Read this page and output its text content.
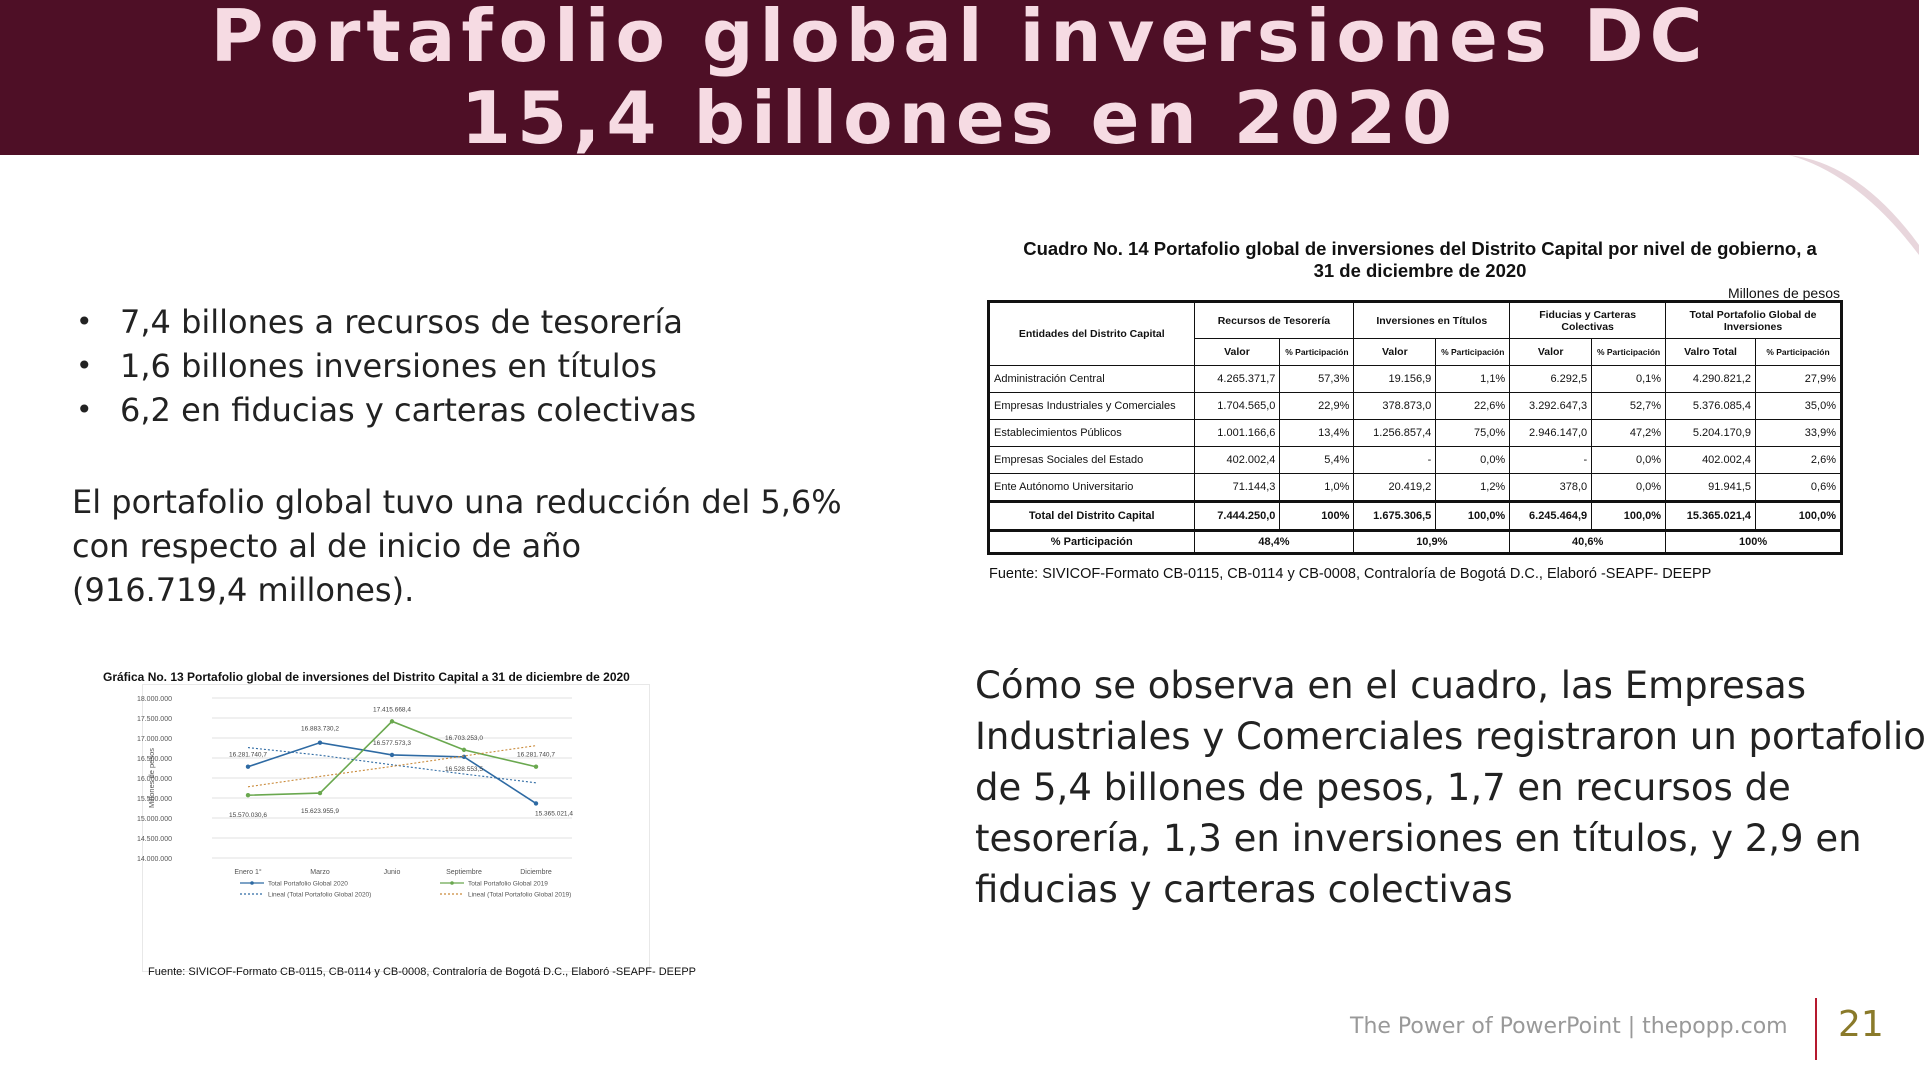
Portafolio global inversiones DC
15,4 billones en 2020
• 7,4 billones a recursos de tesorería
• 1,6 billones inversiones en títulos
• 6,2 en fiducias y carteras colectivas
El portafolio global tuvo una reducción del 5,6%
con respecto al de inicio de año
(916.719,4 millones).
Cuadro No. 14 Portafolio global de inversiones del Distrito Capital por nivel de gobierno, a
31 de diciembre de 2020
Millones de pesos
Entidades del Distrito Capital	Recursos de Tesorería		Inversiones en Títulos		Fiducias y Carteras Colectivas		Total Portafolio Global de Inversiones	
	Valor	% Participación	Valor	% Participación	Valor	% Participación	Valro Total	% Participación
Administración Central	4.265.371,7	57,3%	19.156,9	1,1%	6.292,5	0,1%	4.290.821,2	27,9%
Empresas Industriales y Comerciales	1.704.565,0	22,9%	378.873,0	22,6%	3.292.647,3	52,7%	5.376.085,4	35,0%
Establecimientos Públicos	1.001.166,6	13,4%	1.256.857,4	75,0%	2.946.147,0	47,2%	5.204.170,9	33,9%
Empresas Sociales del Estado	402.002,4	5,4%	-	0,0%	-	0,0%	402.002,4	2,6%
Ente Autónomo Universitario	71.144,3	1,0%	20.419,2	1,2%	378,0	0,0%	91.941,5	0,6%
Total del Distrito Capital	7.444.250,0	100%	1.675.306,5	100,0%	6.245.464,9	100,0%	15.365.021,4	100,0%
% Participación	48,4%		10,9%		40,6%		100%	
Fuente: SIVICOF-Formato CB-0115, CB-0114 y CB-0008, Contraloría de Bogotá D.C., Elaboró -SEAPF- DEEPP
Gráfica No. 13 Portafolio global de inversiones del Distrito Capital a 31 de diciembre de 2020
18.000.000
17.500.000
17.000.000
16.500.000
16.000.000
15.500.000
15.000.000
14.500.000
14.000.000
Millones de pesos
Enero 1°	Marzo	Junio	Septiembre	Diciembre
16.281.740,7
16.883.730,2
16.577.573,3
16.528.553,5
15.365.021,4
15.570.030,6
15.623.955,9
17.415.668,4
16.703.253,0
16.281.740,7
Total Portafolio Global 2020	Total Portafolio Global 2019
Lineal (Total Portafolio Global 2020)	Lineal (Total Portafolio Global 2019)
Fuente: SIVICOF-Formato CB-0115, CB-0114 y CB-0008, Contraloría de Bogotá D.C., Elaboró -SEAPF- DEEPP
Cómo se observa en el cuadro, las Empresas
Industriales y Comerciales registraron un portafolio
de 5,4 billones de pesos, 1,7 en recursos de
tesorería, 1,3 en inversiones en títulos, y 2,9 en
fiducias y carteras colectivas
The Power of PowerPoint | thepopp.com 21
